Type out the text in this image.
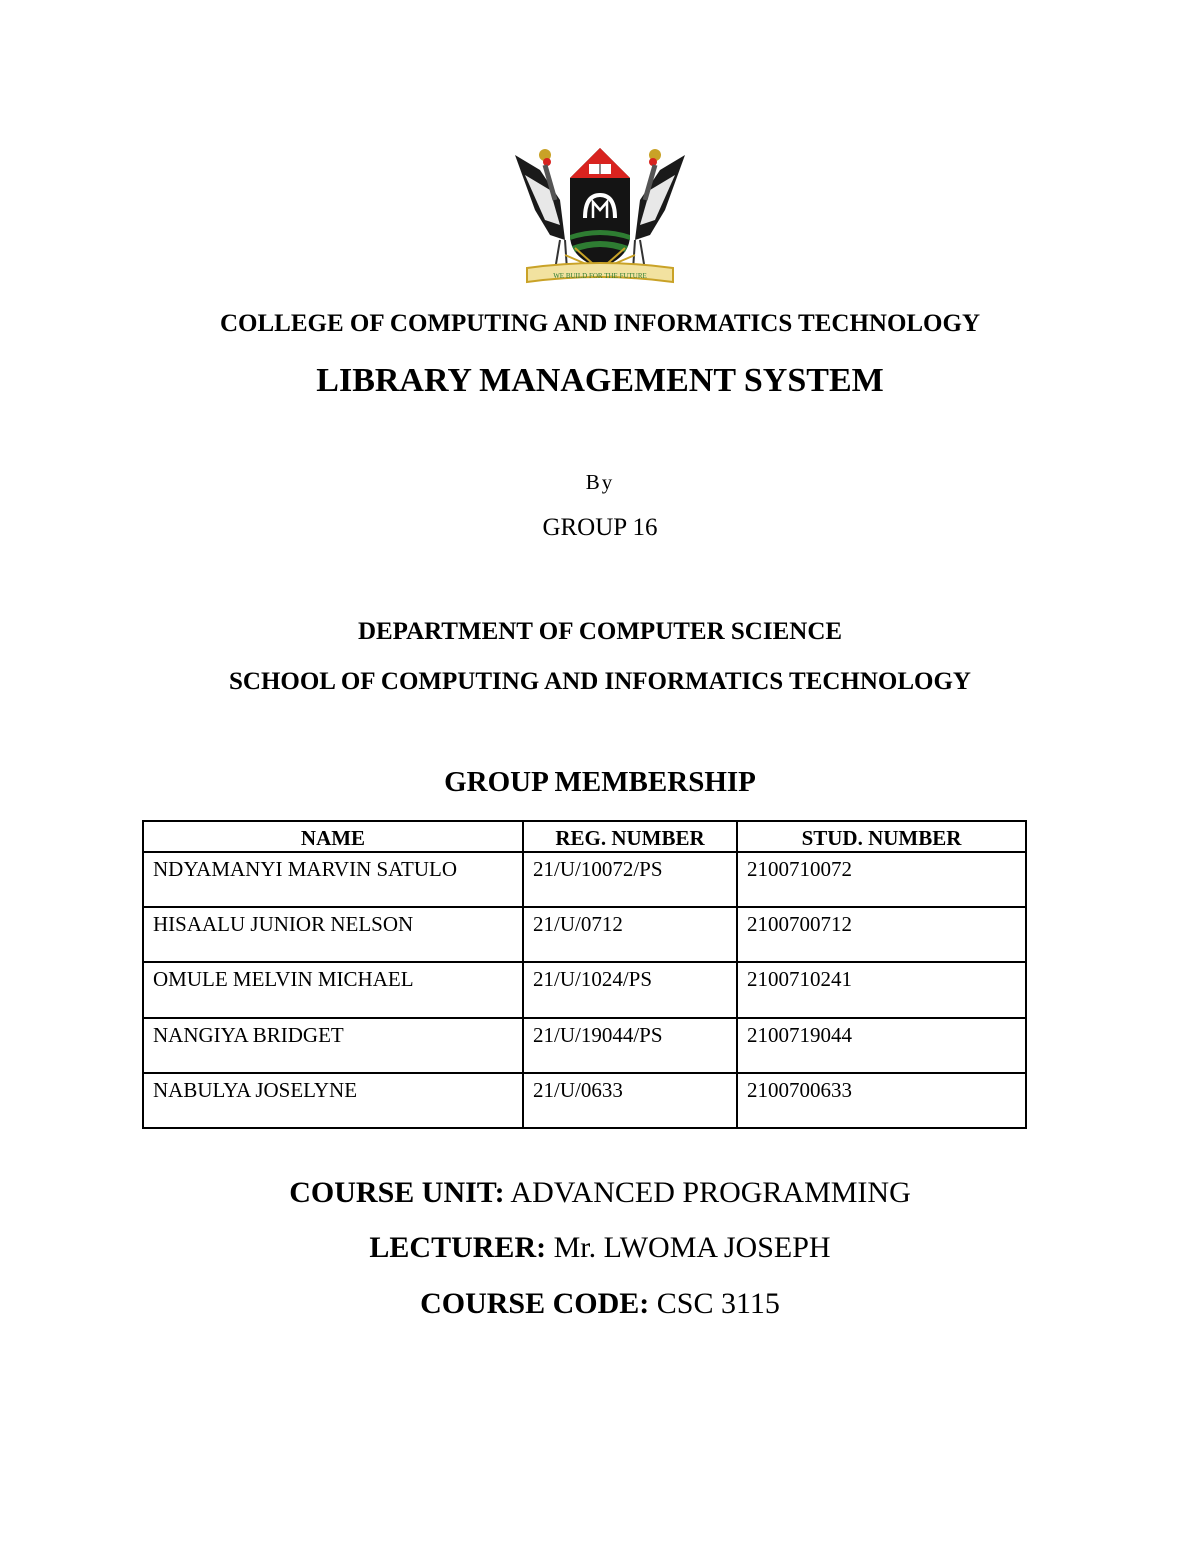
WE BUILD FOR THE FUTURE
COLLEGE OF COMPUTING AND INFORMATICS TECHNOLOGY
LIBRARY MANAGEMENT SYSTEM
By
GROUP 16
DEPARTMENT OF COMPUTER SCIENCE
SCHOOL OF COMPUTING AND INFORMATICS TECHNOLOGY
GROUP MEMBERSHIP
NAME	REG. NUMBER	STUD. NUMBER
NDYAMANYI MARVIN SATULO	21/U/10072/PS	2100710072
HISAALU JUNIOR NELSON	21/U/0712	2100700712
OMULE MELVIN MICHAEL	21/U/1024/PS	2100710241
NANGIYA BRIDGET	21/U/19044/PS	2100719044
NABULYA JOSELYNE	21/U/0633	2100700633
COURSE UNIT: ADVANCED PROGRAMMING
LECTURER: Mr. LWOMA JOSEPH
COURSE CODE: CSC 3115
